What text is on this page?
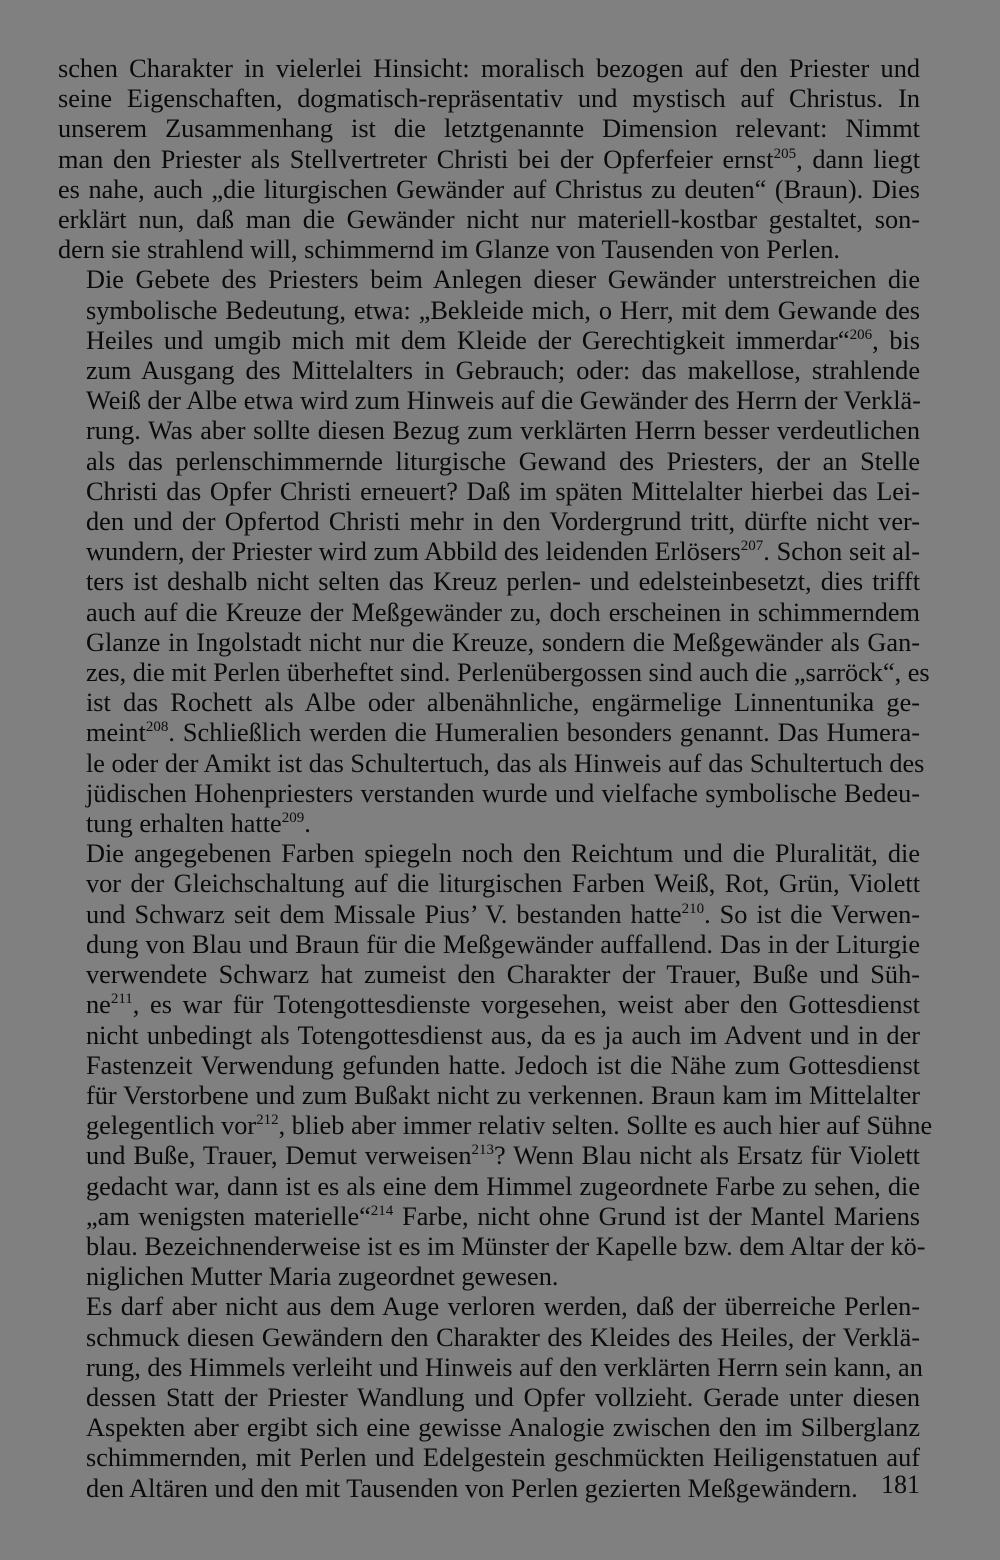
schen Charakter in vielerlei Hinsicht: moralisch bezogen auf den Priester und
seine Eigenschaften, dogmatisch-repräsentativ und mystisch auf Christus. In
unserem Zusammenhang ist die letztgenannte Dimension relevant: Nimmt
man den Priester als Stellvertreter Christi bei der Opferfeier ernst$^{205}$, dann liegt
es nahe, auch „die liturgischen Gewänder auf Christus zu deuten“ (Braun). Dies
erklärt nun, daß man die Gewänder nicht nur materiell-kostbar gestaltet, son-
dern sie strahlend will, schimmernd im Glanze von Tausenden von Perlen.
Die Gebete des Priesters beim Anlegen dieser Gewänder unterstreichen die
symbolische Bedeutung, etwa: „Bekleide mich, o Herr, mit dem Gewande des
Heiles und umgib mich mit dem Kleide der Gerechtigkeit immerdar“$^{206}$, bis
zum Ausgang des Mittelalters in Gebrauch; oder: das makellose, strahlende
Weiß der Albe etwa wird zum Hinweis auf die Gewänder des Herrn der Verklä-
rung. Was aber sollte diesen Bezug zum verklärten Herrn besser verdeutlichen
als das perlenschimmernde liturgische Gewand des Priesters, der an Stelle
Christi das Opfer Christi erneuert? Daß im späten Mittelalter hierbei das Lei-
den und der Opfertod Christi mehr in den Vordergrund tritt, dürfte nicht ver-
wundern, der Priester wird zum Abbild des leidenden Erlösers$^{207}$. Schon seit al-
ters ist deshalb nicht selten das Kreuz perlen- und edelsteinbesetzt, dies trifft
auch auf die Kreuze der Meßgewänder zu, doch erscheinen in schimmerndem
Glanze in Ingolstadt nicht nur die Kreuze, sondern die Meßgewänder als Gan-
zes, die mit Perlen überheftet sind. Perlenübergossen sind auch die „sarröck“, es
ist das Rochett als Albe oder albenähnliche, engärmelige Linnentunika ge-
meint$^{208}$. Schließlich werden die Humeralien besonders genannt. Das Humera-
le oder der Amikt ist das Schultertuch, das als Hinweis auf das Schultertuch des
jüdischen Hohenpriesters verstanden wurde und vielfache symbolische Bedeu-
tung erhalten hatte$^{209}$.
Die angegebenen Farben spiegeln noch den Reichtum und die Pluralität, die
vor der Gleichschaltung auf die liturgischen Farben Weiß, Rot, Grün, Violett
und Schwarz seit dem Missale Pius’ V. bestanden hatte$^{210}$. So ist die Verwen-
dung von Blau und Braun für die Meßgewänder auffallend. Das in der Liturgie
verwendete Schwarz hat zumeist den Charakter der Trauer, Buße und Süh-
ne$^{211}$, es war für Totengottesdienste vorgesehen, weist aber den Gottesdienst
nicht unbedingt als Totengottesdienst aus, da es ja auch im Advent und in der
Fastenzeit Verwendung gefunden hatte. Jedoch ist die Nähe zum Gottesdienst
für Verstorbene und zum Bußakt nicht zu verkennen. Braun kam im Mittelalter
gelegentlich vor$^{212}$, blieb aber immer relativ selten. Sollte es auch hier auf Sühne
und Buße, Trauer, Demut verweisen$^{213}$? Wenn Blau nicht als Ersatz für Violett
gedacht war, dann ist es als eine dem Himmel zugeordnete Farbe zu sehen, die
„am wenigsten materielle“$^{214}$ Farbe, nicht ohne Grund ist der Mantel Mariens
blau. Bezeichnenderweise ist es im Münster der Kapelle bzw. dem Altar der kö-
niglichen Mutter Maria zugeordnet gewesen.
Es darf aber nicht aus dem Auge verloren werden, daß der überreiche Perlen-
schmuck diesen Gewändern den Charakter des Kleides des Heiles, der Verklä-
rung, des Himmels verleiht und Hinweis auf den verklärten Herrn sein kann, an
dessen Statt der Priester Wandlung und Opfer vollzieht. Gerade unter diesen
Aspekten aber ergibt sich eine gewisse Analogie zwischen den im Silberglanz
schimmernden, mit Perlen und Edelgestein geschmückten Heiligenstatuen auf
den Altären und den mit Tausenden von Perlen gezierten Meßgewändern. 181
